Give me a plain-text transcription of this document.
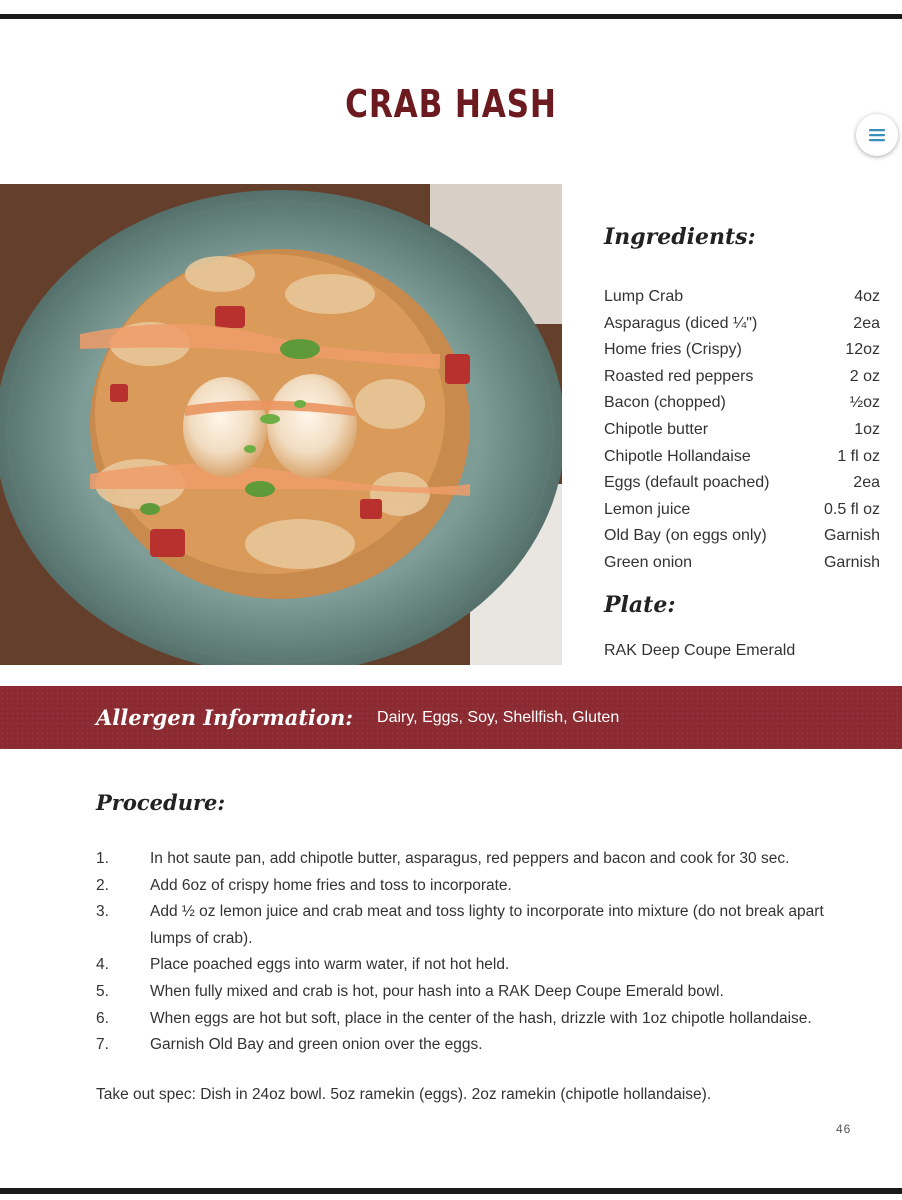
CRAB HASH
Ingredients:
Lump Crab	4oz
Asparagus (diced ¼")	2ea
Home fries (Crispy)	12oz
Roasted red peppers	2 oz
Bacon (chopped)	½oz
Chipotle butter	1oz
Chipotle Hollandaise	1 fl oz
Eggs (default poached)	2ea
Lemon juice	0.5 fl oz
Old Bay (on eggs only)	Garnish
Green onion	Garnish
Plate:
RAK Deep Coupe Emerald
Allergen Information: Dairy, Eggs, Soy, Shellfish, Gluten
Procedure:
1.	In hot saute pan, add chipotle butter, asparagus, red peppers and bacon and cook for 30 sec.
2.	Add 6oz of crispy home fries and toss to incorporate.
3.	Add ½ oz lemon juice and crab meat and toss lighty to incorporate into mixture (do not break apart lumps of crab).
4.	Place poached eggs into warm water, if not hot held.
5.	When fully mixed and crab is hot, pour hash into a RAK Deep Coupe Emerald bowl.
6.	When eggs are hot but soft, place in the center of the hash, drizzle with 1oz chipotle hollandaise.
7.	Garnish Old Bay and green onion over the eggs.
Take out spec: Dish in 24oz bowl. 5oz ramekin (eggs). 2oz ramekin (chipotle hollandaise).
46
